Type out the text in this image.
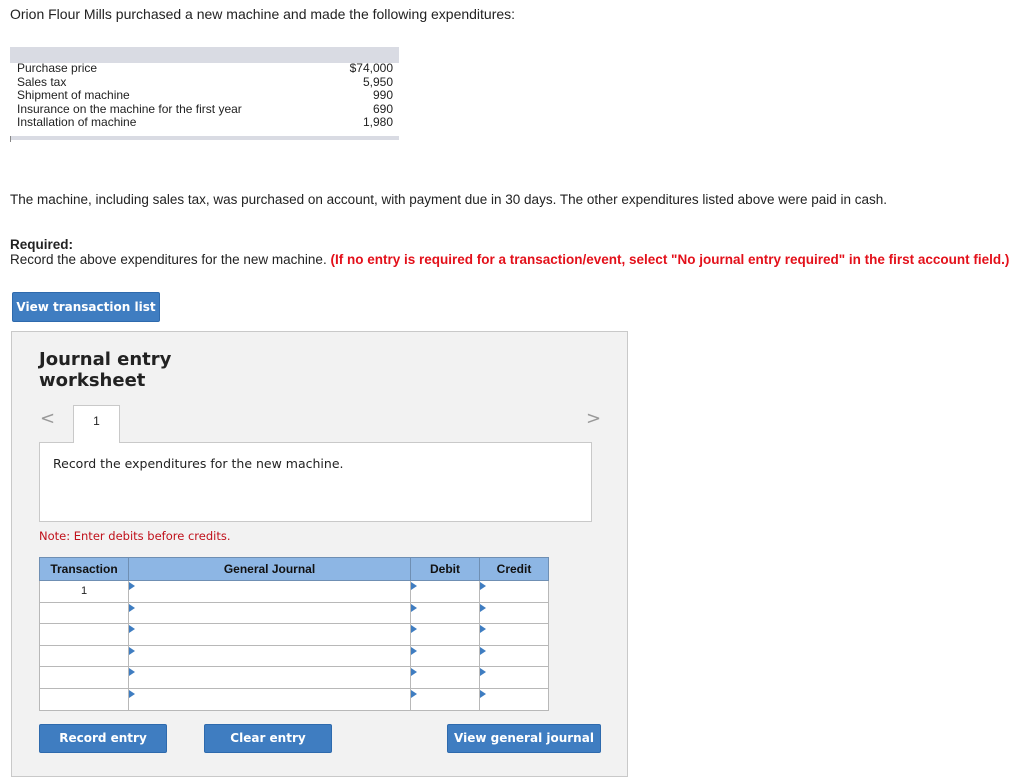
Orion Flour Mills purchased a new machine and made the following expenditures:
Purchase price	$74,000
Sales tax	5,950
Shipment of machine	990
Insurance on the machine for the first year	690
Installation of machine	1,980
The machine, including sales tax, was purchased on account, with payment due in 30 days. The other expenditures listed above were paid in cash.
Required:
Record the above expenditures for the new machine. (If no entry is required for a transaction/event, select "No journal entry required" in the first account field.)
View transaction list
Journal entry
worksheet
<	1	>
Record the expenditures for the new machine.
Note: Enter debits before credits.
Transaction	General Journal	Debit	Credit
1	

Record entry	Clear entry	View general journal
